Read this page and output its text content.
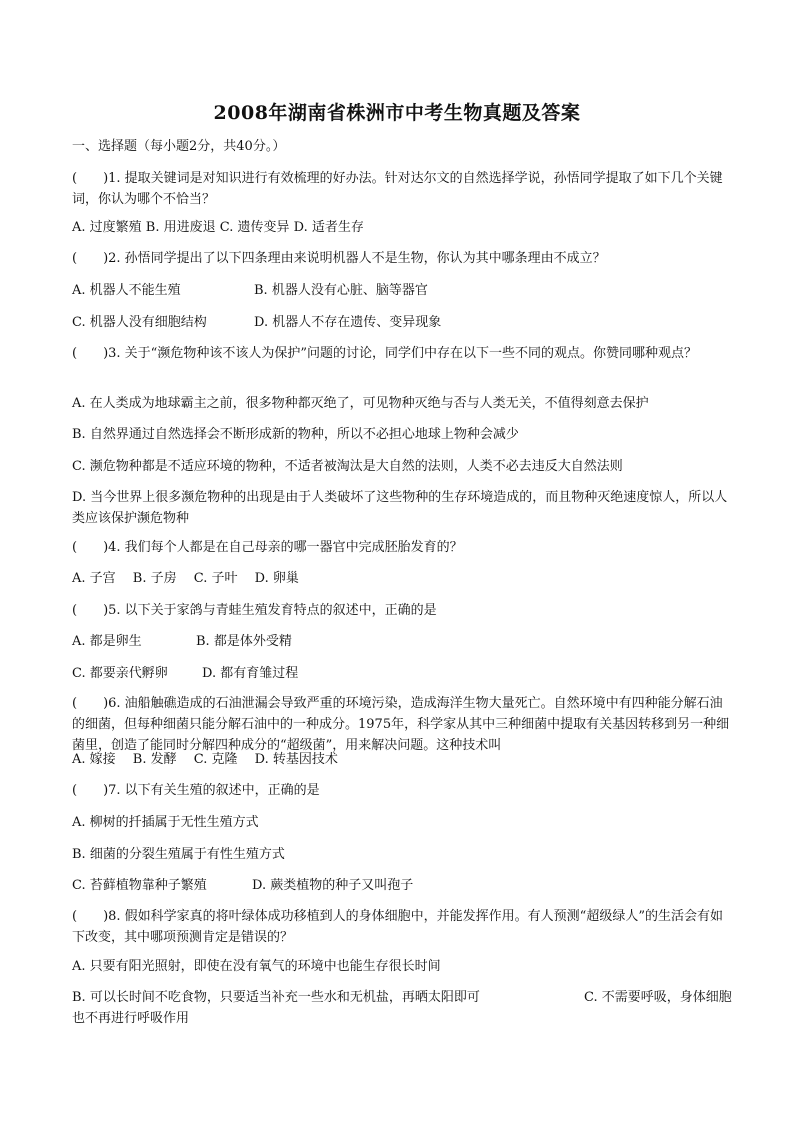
2008年湖南省株洲市中考生物真题及答案
一、选择题（每小题2分，共40分。）
(　　)1. 提取关键词是对知识进行有效梳理的好办法。针对达尔文的自然选择学说，孙悟同学提取了如下几个关键词，你认为哪个不恰当？
A. 过度繁殖 B. 用进废退 C. 遗传变异 D. 适者生存
(　　)2. 孙悟同学提出了以下四条理由来说明机器人不是生物，你认为其中哪条理由不成立？
A. 机器人不能生殖	B. 机器人没有心脏、脑等器官
C. 机器人没有细胞结构	D. 机器人不存在遗传、变异现象
(　　)3. 关于“濒危物种该不该人为保护”问题的讨论，同学们中存在以下一些不同的观点。你赞同哪种观点？
A. 在人类成为地球霸主之前，很多物种都灭绝了，可见物种灭绝与否与人类无关，不值得刻意去保护
B. 自然界通过自然选择会不断形成新的物种，所以不必担心地球上物种会减少
C. 濒危物种都是不适应环境的物种，不适者被淘汰是大自然的法则，人类不必去违反大自然法则
D. 当今世界上很多濒危物种的出现是由于人类破坏了这些物种的生存环境造成的，而且物种灭绝速度惊人，所以人类应该保护濒危物种
(　　)4. 我们每个人都是在自己母亲的哪一器官中完成胚胎发育的？
A. 子宫　 B. 子房　 C. 子叶　 D. 卵巢
(　　)5. 以下关于家鸽与青蛙生殖发育特点的叙述中，正确的是
A. 都是卵生	B. 都是体外受精
C. 都要亲代孵卵	D. 都有育雏过程
(　　)6. 油船触礁造成的石油泄漏会导致严重的环境污染，造成海洋生物大量死亡。自然环境中有四种能分解石油的细菌，但每种细菌只能分解石油中的一种成分。1975年，科学家从其中三种细菌中提取有关基因转移到另一种细菌里，创造了能同时分解四种成分的“超级菌”，用来解决问题。这种技术叫
A. 嫁接　 B. 发酵　 C. 克隆　 D. 转基因技术
(　　)7. 以下有关生殖的叙述中，正确的是
A. 柳树的扦插属于无性生殖方式
B. 细菌的分裂生殖属于有性生殖方式
C. 苔藓植物靠种子繁殖	D. 蕨类植物的种子又叫孢子
(　　)8. 假如科学家真的将叶绿体成功移植到人的身体细胞中，并能发挥作用。有人预测“超级绿人”的生活会有如下改变，其中哪项预测肯定是错误的？
A. 只要有阳光照射，即使在没有氧气的环境中也能生存很长时间
B. 可以长时间不吃食物，只要适当补充一些水和无机盐，再晒太阳即可	C. 不需要呼吸，身体细胞也不再进行呼吸作用
